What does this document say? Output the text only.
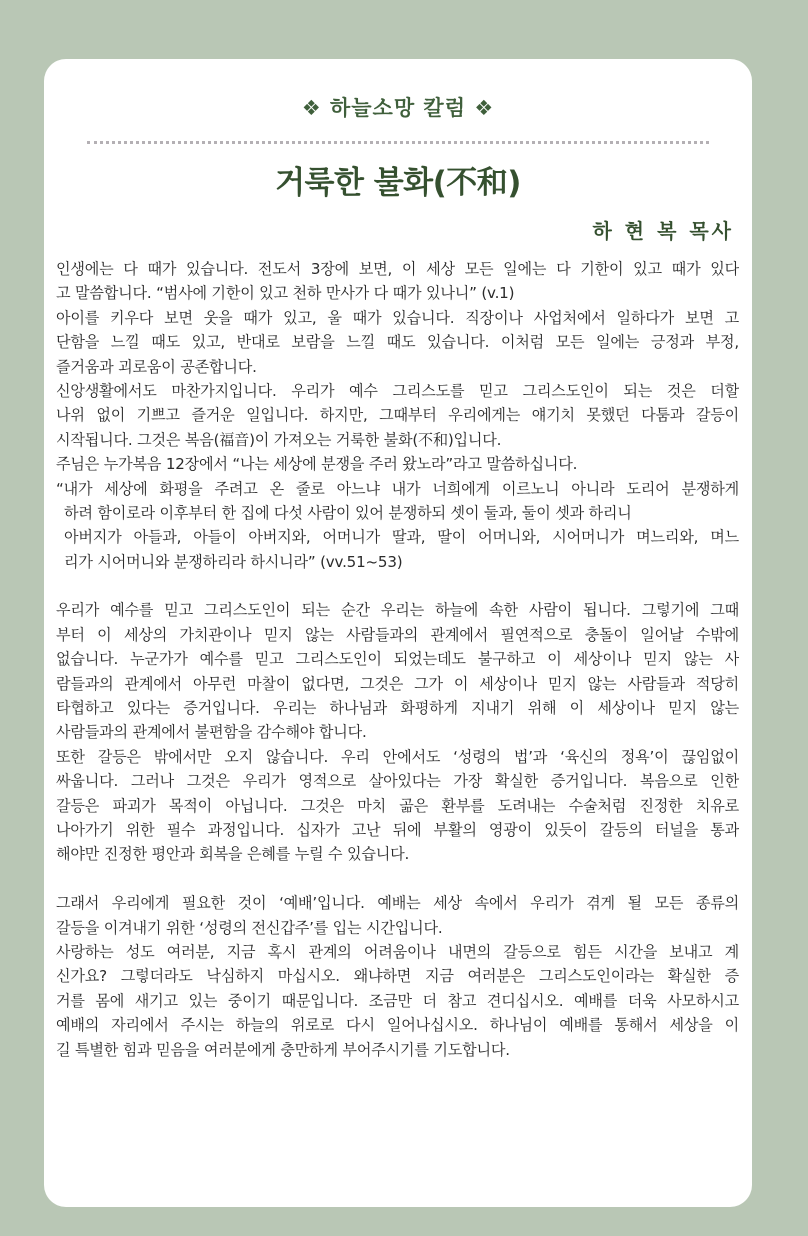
❖ 하늘소망 칼럼 ❖
거룩한 불화(不和)
하 현 복 목사
인생에는 다 때가 있습니다. 전도서 3장에 보면, 이 세상 모든 일에는 다 기한이 있고 때가 있다
고 말씀합니다. “범사에 기한이 있고 천하 만사가 다 때가 있나니” (v.1)
아이를 키우다 보면 웃을 때가 있고, 울 때가 있습니다. 직장이나 사업처에서 일하다가 보면 고
단함을 느낄 때도 있고, 반대로 보람을 느낄 때도 있습니다. 이처럼 모든 일에는 긍정과 부정,
즐거움과 괴로움이 공존합니다.
신앙생활에서도 마찬가지입니다. 우리가 예수 그리스도를 믿고 그리스도인이 되는 것은 더할
나위 없이 기쁘고 즐거운 일입니다. 하지만, 그때부터 우리에게는 얘기치 못했던 다툼과 갈등이
시작됩니다. 그것은 복음(福音)이 가져오는 거룩한 불화(不和)입니다.
주님은 누가복음 12장에서 “나는 세상에 분쟁을 주러 왔노라”라고 말씀하십니다.
“내가 세상에 화평을 주려고 온 줄로 아느냐 내가 너희에게 이르노니 아니라 도리어 분쟁하게
하려 함이로라 이후부터 한 집에 다섯 사람이 있어 분쟁하되 셋이 둘과, 둘이 셋과 하리니
아버지가 아들과, 아들이 아버지와, 어머니가 딸과, 딸이 어머니와, 시어머니가 며느리와, 며느
리가 시어머니와 분쟁하리라 하시니라” (vv.51~53)
우리가 예수를 믿고 그리스도인이 되는 순간 우리는 하늘에 속한 사람이 됩니다. 그렇기에 그때
부터 이 세상의 가치관이나 믿지 않는 사람들과의 관계에서 필연적으로 충돌이 일어날 수밖에
없습니다. 누군가가 예수를 믿고 그리스도인이 되었는데도 불구하고 이 세상이나 믿지 않는 사
람들과의 관계에서 아무런 마찰이 없다면, 그것은 그가 이 세상이나 믿지 않는 사람들과 적당히
타협하고 있다는 증거입니다. 우리는 하나님과 화평하게 지내기 위해 이 세상이나 믿지 않는
사람들과의 관계에서 불편함을 감수해야 합니다.
또한 갈등은 밖에서만 오지 않습니다. 우리 안에서도 ‘성령의 법’과 ‘육신의 정욕’이 끊임없이
싸웁니다. 그러나 그것은 우리가 영적으로 살아있다는 가장 확실한 증거입니다. 복음으로 인한
갈등은 파괴가 목적이 아닙니다. 그것은 마치 곪은 환부를 도려내는 수술처럼 진정한 치유로
나아가기 위한 필수 과정입니다. 십자가 고난 뒤에 부활의 영광이 있듯이 갈등의 터널을 통과
해야만 진정한 평안과 회복을 은혜를 누릴 수 있습니다.
그래서 우리에게 필요한 것이 ‘예배’입니다. 예배는 세상 속에서 우리가 겪게 될 모든 종류의
갈등을 이겨내기 위한 ‘성령의 전신갑주’를 입는 시간입니다.
사랑하는 성도 여러분, 지금 혹시 관계의 어려움이나 내면의 갈등으로 힘든 시간을 보내고 계
신가요? 그렇더라도 낙심하지 마십시오. 왜냐하면 지금 여러분은 그리스도인이라는 확실한 증
거를 몸에 새기고 있는 중이기 때문입니다. 조금만 더 참고 견디십시오. 예배를 더욱 사모하시고
예배의 자리에서 주시는 하늘의 위로로 다시 일어나십시오. 하나님이 예배를 통해서 세상을 이
길 특별한 힘과 믿음을 여러분에게 충만하게 부어주시기를 기도합니다.
